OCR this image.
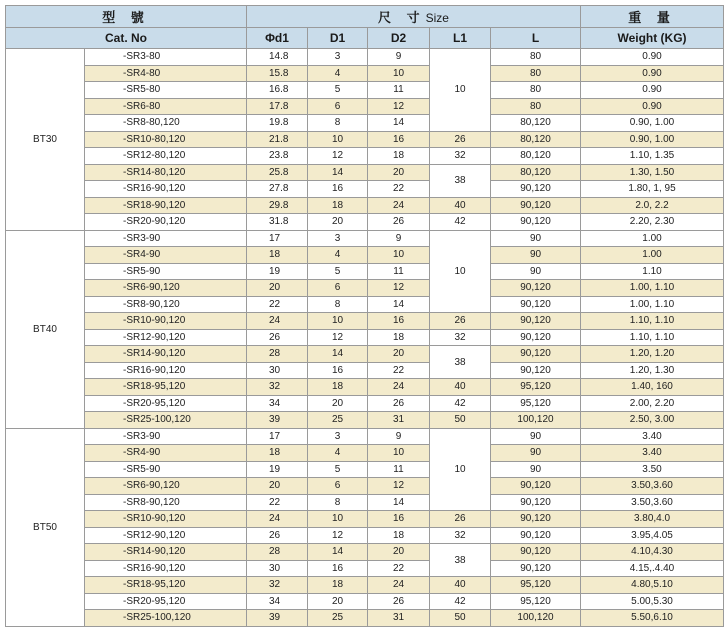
型 號		尺 寸Size					重 量
Cat. No		Φd1	D1	D2	L1	L	Weight (KG)
BT30	-SR3-80	14.8	3	9	10	80	0.90
	-SR4-80	15.8	4	10		80	0.90
	-SR5-80	16.8	5	11		80	0.90
	-SR6-80	17.8	6	12		80	0.90
	-SR8-80,120	19.8	8	14		80,120	0.90, 1.00
	-SR10-80,120	21.8	10	16	26	80,120	0.90, 1.00
	-SR12-80,120	23.8	12	18	32	80,120	1.10, 1.35
	-SR14-80,120	25.8	14	20	38	80,120	1.30, 1.50
	-SR16-90,120	27.8	16	22		90,120	1.80, 1, 95
	-SR18-90,120	29.8	18	24	40	90,120	2.0, 2.2
	-SR20-90,120	31.8	20	26	42	90,120	2.20, 2.30
BT40	-SR3-90	17	3	9	10	90	1.00
	-SR4-90	18	4	10		90	1.00
	-SR5-90	19	5	11		90	1.10
	-SR6-90,120	20	6	12		90,120	1.00, 1.10
	-SR8-90,120	22	8	14		90,120	1.00, 1.10
	-SR10-90,120	24	10	16	26	90,120	1.10, 1.10
	-SR12-90,120	26	12	18	32	90,120	1.10, 1.10
	-SR14-90,120	28	14	20	38	90,120	1.20, 1.20
	-SR16-90,120	30	16	22		90,120	1.20, 1.30
	-SR18-95,120	32	18	24	40	95,120	1.40, 160
	-SR20-95,120	34	20	26	42	95,120	2.00, 2.20
	-SR25-100,120	39	25	31	50	100,120	2.50, 3.00
BT50	-SR3-90	17	3	9	10	90	3.40
	-SR4-90	18	4	10		90	3.40
	-SR5-90	19	5	11		90	3.50
	-SR6-90,120	20	6	12		90,120	3.50,3.60
	-SR8-90,120	22	8	14		90,120	3.50,3.60
	-SR10-90,120	24	10	16	26	90,120	3.80,4.0
	-SR12-90,120	26	12	18	32	90,120	3.95,4.05
	-SR14-90,120	28	14	20	38	90,120	4.10,4.30
	-SR16-90,120	30	16	22		90,120	4.15,.4.40
	-SR18-95,120	32	18	24	40	95,120	4.80,5.10
	-SR20-95,120	34	20	26	42	95,120	5.00,5.30
	-SR25-100,120	39	25	31	50	100,120	5.50,6.10
